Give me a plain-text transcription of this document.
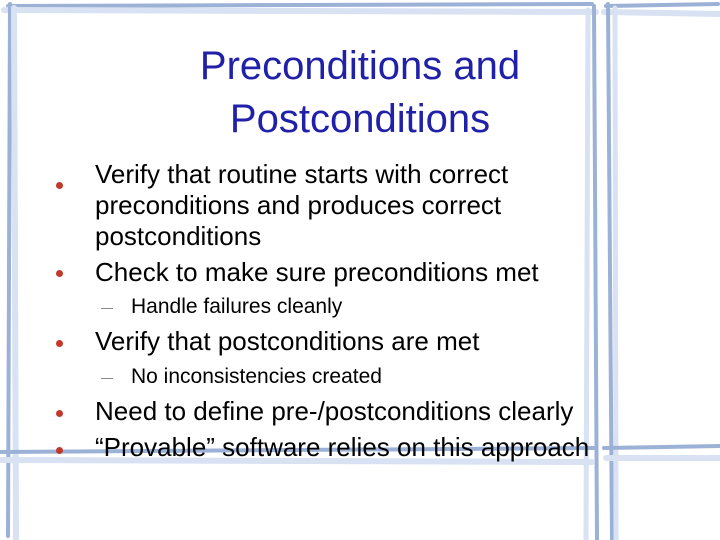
Preconditions and
Postconditions
Verify that routine starts with correct
preconditions and produces correct
postconditions
Check to make sure preconditions met
Handle failures cleanly
Verify that postconditions are met
No inconsistencies created
Need to define pre-/postconditions clearly
“Provable” software relies on this approach
